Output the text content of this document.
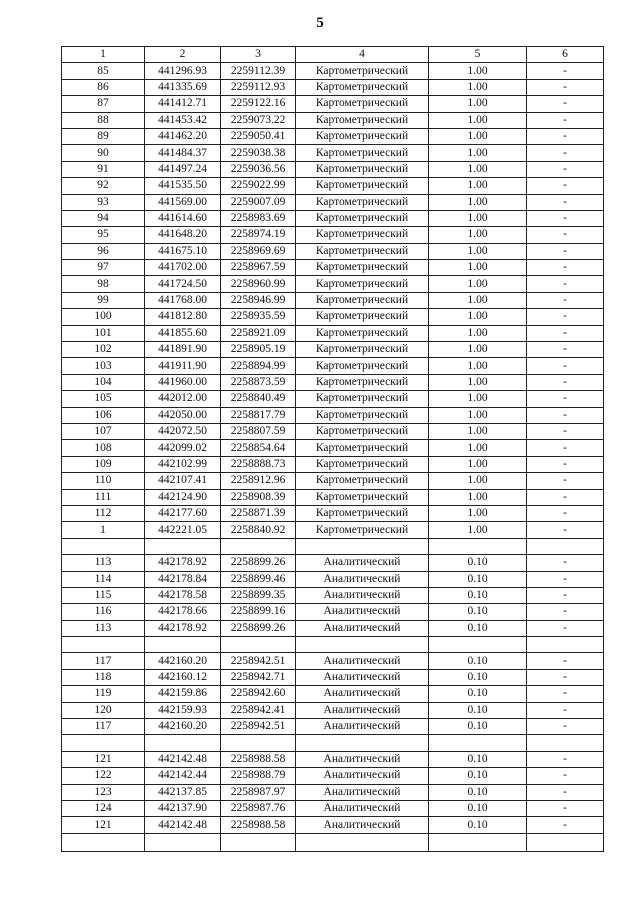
5
1	2	3	4	5	6
85	441296.93	2259112.39	Картометрический	1.00	-
86	441335.69	2259112.93	Картометрический	1.00	-
87	441412.71	2259122.16	Картометрический	1.00	-
88	441453.42	2259073.22	Картометрический	1.00	-
89	441462.20	2259050.41	Картометрический	1.00	-
90	441484.37	2259038.38	Картометрический	1.00	-
91	441497.24	2259036.56	Картометрический	1.00	-
92	441535.50	2259022.99	Картометрический	1.00	-
93	441569.00	2259007.09	Картометрический	1.00	-
94	441614.60	2258983.69	Картометрический	1.00	-
95	441648.20	2258974.19	Картометрический	1.00	-
96	441675.10	2258969.69	Картометрический	1.00	-
97	441702.00	2258967.59	Картометрический	1.00	-
98	441724.50	2258960.99	Картометрический	1.00	-
99	441768.00	2258946.99	Картометрический	1.00	-
100	441812.80	2258935.59	Картометрический	1.00	-
101	441855.60	2258921.09	Картометрический	1.00	-
102	441891.90	2258905.19	Картометрический	1.00	-
103	441911.90	2258894.99	Картометрический	1.00	-
104	441960.00	2258873.59	Картометрический	1.00	-
105	442012.00	2258840.49	Картометрический	1.00	-
106	442050.00	2258817.79	Картометрический	1.00	-
107	442072.50	2258807.59	Картометрический	1.00	-
108	442099.02	2258854.64	Картометрический	1.00	-
109	442102.99	2258888.73	Картометрический	1.00	-
110	442107.41	2258912.96	Картометрический	1.00	-
111	442124.90	2258908.39	Картометрический	1.00	-
112	442177.60	2258871.39	Картометрический	1.00	-
1	442221.05	2258840.92	Картометрический	1.00	-

113	442178.92	2258899.26	Аналитический	0.10	-
114	442178.84	2258899.46	Аналитический	0.10	-
115	442178.58	2258899.35	Аналитический	0.10	-
116	442178.66	2258899.16	Аналитический	0.10	-
113	442178.92	2258899.26	Аналитический	0.10	-

117	442160.20	2258942.51	Аналитический	0.10	-
118	442160.12	2258942.71	Аналитический	0.10	-
119	442159.86	2258942.60	Аналитический	0.10	-
120	442159.93	2258942.41	Аналитический	0.10	-
117	442160.20	2258942.51	Аналитический	0.10	-

121	442142.48	2258988.58	Аналитический	0.10	-
122	442142.44	2258988.79	Аналитический	0.10	-
123	442137.85	2258987.97	Аналитический	0.10	-
124	442137.90	2258987.76	Аналитический	0.10	-
121	442142.48	2258988.58	Аналитический	0.10	-
